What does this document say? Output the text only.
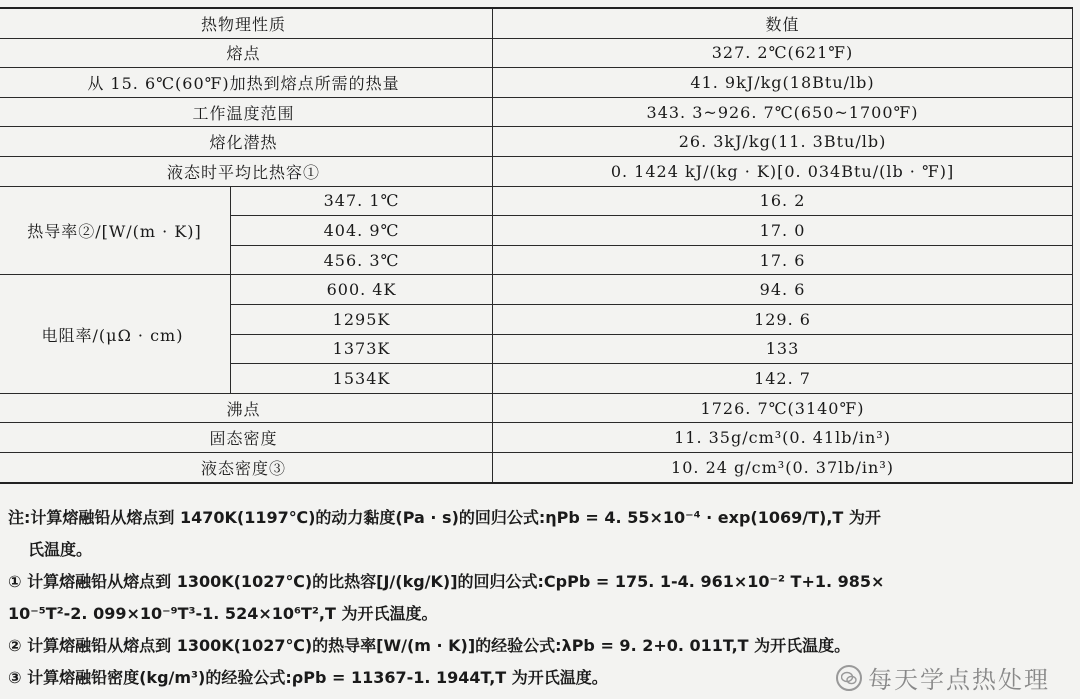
热物理性质		数值
熔点		327. 2℃(621℉)
从 15. 6℃(60℉)加热到熔点所需的热量		41. 9kJ/kg(18Btu/lb)
工作温度范围		343. 3~926. 7℃(650~1700℉)
熔化潜热		26. 3kJ/kg(11. 3Btu/lb)
液态时平均比热容①		0. 1424 kJ/(kg · K)[0. 034Btu/(lb · ℉)]
热导率②/[W/(m · K)]	347. 1℃	16. 2
	404. 9℃	17. 0
	456. 3℃	17. 6
电阻率/(μΩ · cm)	600. 4K	94. 6
	1295K	129. 6
	1373K	133
	1534K	142. 7
沸点		1726. 7℃(3140℉)
固态密度		11. 35g/cm³(0. 41lb/in³)
液态密度③		10. 24 g/cm³(0. 37lb/in³)

注:计算熔融铅从熔点到 1470K(1197℃)的动力黏度(Pa · s)的回归公式:ηPb = 4. 55×10⁻⁴ · exp(1069/T),T 为开

氏温度。

① 计算熔融铅从熔点到 1300K(1027℃)的比热容[J/(kg/K)]的回归公式:CpPb = 175. 1-4. 961×10⁻² T+1. 985×

10⁻⁵T²-2. 099×10⁻⁹T³-1. 524×10⁶T²,T 为开氏温度。

② 计算熔融铅从熔点到 1300K(1027℃)的热导率[W/(m · K)]的经验公式:λPb = 9. 2+0. 011T,T 为开氏温度。

③ 计算熔融铅密度(kg/m³)的经验公式:ρPb = 11367-1. 1944T,T 为开氏温度。	每天学点热处理
